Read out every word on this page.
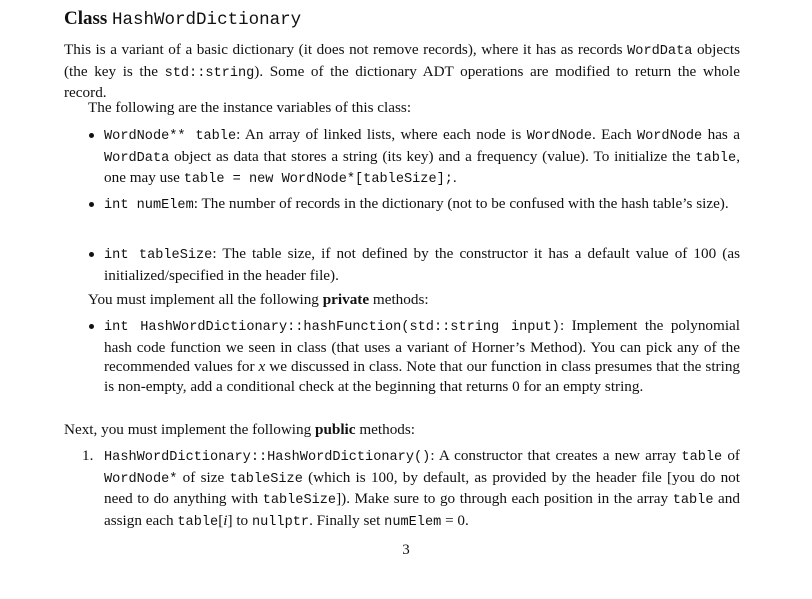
Class HashWordDictionary
This is a variant of a basic dictionary (it does not remove records), where it has as records WordData objects (the key is the std::string). Some of the dictionary ADT operations are modified to return the whole record.
The following are the instance variables of this class:
WordNode** table: An array of linked lists, where each node is WordNode. Each WordNode has a WordData object as data that stores a string (its key) and a frequency (value). To initialize the table, one may use table = new WordNode*[tableSize];.
int numElem: The number of records in the dictionary (not to be confused with the hash table’s size).
int tableSize: The table size, if not defined by the constructor it has a default value of 100 (as initialized/specified in the header file).
You must implement all the following private methods:
int HashWordDictionary::hashFunction(std::string input): Implement the polynomial hash code function we seen in class (that uses a variant of Horner’s Method). You can pick any of the recommended values for x we discussed in class. Note that our function in class presumes that the string is non-empty, add a conditional check at the beginning that returns 0 for an empty string.
Next, you must implement the following public methods:
1. HashWordDictionary::HashWordDictionary(): A constructor that creates a new array table of WordNode* of size tableSize (which is 100, by default, as provided by the header file [you do not need to do anything with tableSize]). Make sure to go through each position in the array table and assign each table[i] to nullptr. Finally set numElem = 0.
3
